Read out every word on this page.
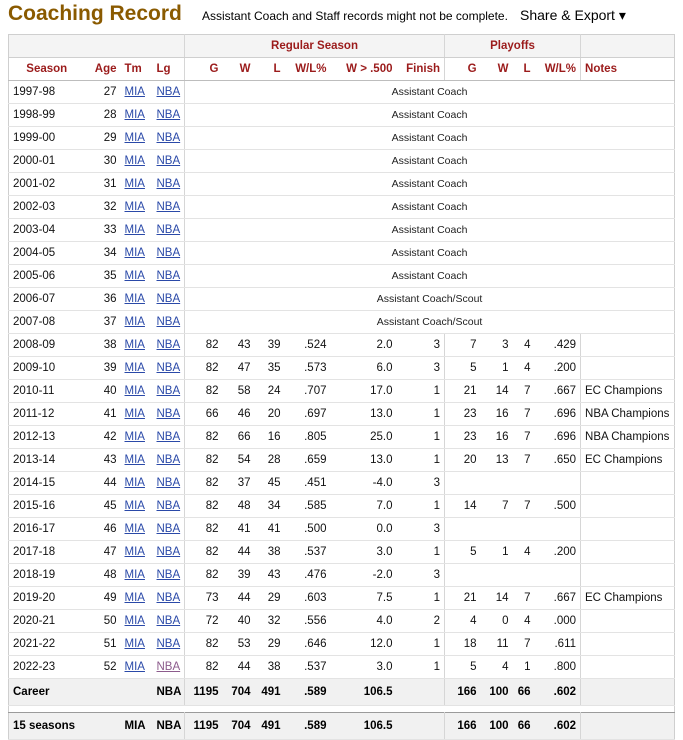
Coaching Record Assistant Coach and Staff records might not be complete. Share & Export ▾
				Regular Season						Playoffs				
Season	Age	Tm	Lg	G	W	L	W/L%	W > .500	Finish	G	W	L	W/L%	Notes
1997-98	27	MIA	NBA	Assistant Coach										
1998-99	28	MIA	NBA	Assistant Coach										
1999-00	29	MIA	NBA	Assistant Coach										
2000-01	30	MIA	NBA	Assistant Coach										
2001-02	31	MIA	NBA	Assistant Coach										
2002-03	32	MIA	NBA	Assistant Coach										
2003-04	33	MIA	NBA	Assistant Coach										
2004-05	34	MIA	NBA	Assistant Coach										
2005-06	35	MIA	NBA	Assistant Coach										
2006-07	36	MIA	NBA	Assistant Coach/Scout										
2007-08	37	MIA	NBA	Assistant Coach/Scout										
2008-09	38	MIA	NBA	82	43	39	.524	2.0	3	7	3	4	.429	
2009-10	39	MIA	NBA	82	47	35	.573	6.0	3	5	1	4	.200	
2010-11	40	MIA	NBA	82	58	24	.707	17.0	1	21	14	7	.667	EC Champions
2011-12	41	MIA	NBA	66	46	20	.697	13.0	1	23	16	7	.696	NBA Champions
2012-13	42	MIA	NBA	82	66	16	.805	25.0	1	23	16	7	.696	NBA Champions
2013-14	43	MIA	NBA	82	54	28	.659	13.0	1	20	13	7	.650	EC Champions
2014-15	44	MIA	NBA	82	37	45	.451	-4.0	3					
2015-16	45	MIA	NBA	82	48	34	.585	7.0	1	14	7	7	.500	
2016-17	46	MIA	NBA	82	41	41	.500	0.0	3					
2017-18	47	MIA	NBA	82	44	38	.537	3.0	1	5	1	4	.200	
2018-19	48	MIA	NBA	82	39	43	.476	-2.0	3					
2019-20	49	MIA	NBA	73	44	29	.603	7.5	1	21	14	7	.667	EC Champions
2020-21	50	MIA	NBA	72	40	32	.556	4.0	2	4	0	4	.000	
2021-22	51	MIA	NBA	82	53	29	.646	12.0	1	18	11	7	.611	
2022-23	52	MIA	NBA	82	44	38	.537	3.0	1	5	4	1	.800	
Career			NBA	1195	704	491	.589	106.5		166	100	66	.602	

15 seasons		MIA	NBA	1195	704	491	.589	106.5		166	100	66	.602	
